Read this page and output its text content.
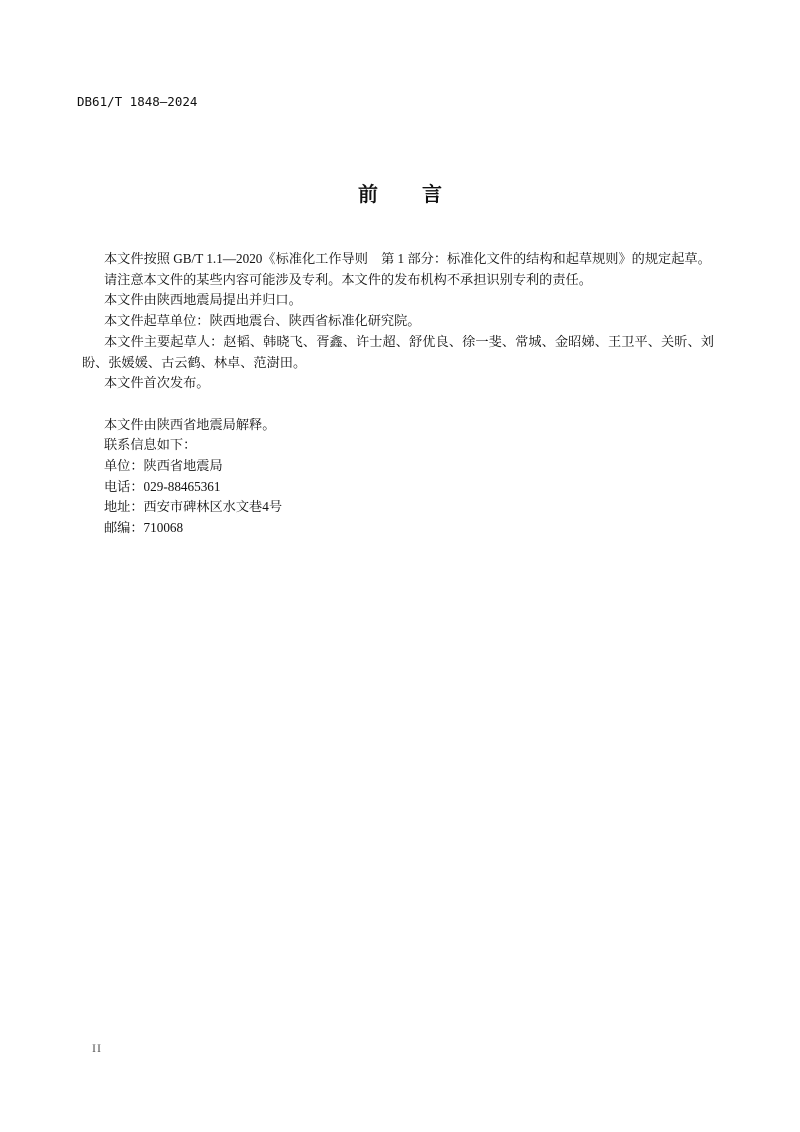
DB61/T 1848—2024
前 言

本文件按照 GB/T 1.1—2020《标准化工作导则　第 1 部分：标准化文件的结构和起草规则》的规定起草。

请注意本文件的某些内容可能涉及专利。本文件的发布机构不承担识别专利的责任。

本文件由陕西地震局提出并归口。

本文件起草单位：陕西地震台、陕西省标准化研究院。

本文件主要起草人：赵韬、韩晓飞、胥鑫、许士超、舒优良、徐一斐、常城、金昭娣、王卫平、关昕、刘盼、张媛媛、古云鹤、林卓、范澍田。

本文件首次发布。

本文件由陕西省地震局解释。

联系信息如下：

单位：陕西省地震局

电话：029-88465361

地址：西安市碑林区水文巷4号

邮编：710068

II
